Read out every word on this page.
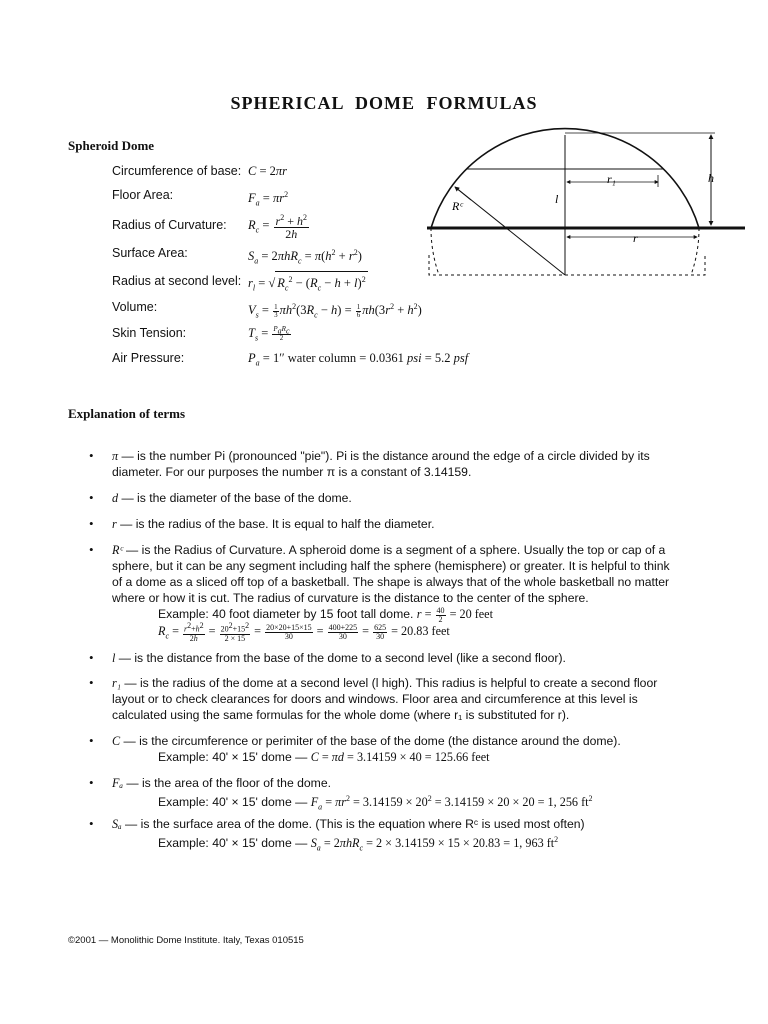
SPHERICAL DOME FORMULAS
Spheroid Dome
Circumference of base: C = 2πr
Floor Area:	$F_a = \pi r^2$
Radius of Curvature: $R_c = \frac{r^2 + h^2}{2h}$
Surface Area:	$S_a = 2\pi hR_c = \pi(h^2 + r^2)$
Radius at second level: $r_l$ = √ $R_c^2 - (R_c - h + l)^2$
Volume:	$V_s = \frac{1}{3} \pi h^2(3R_c - h) = \frac{1}{6} \pi h(3r^2 + h^2)$
Skin Tension:	$T_s = \frac{P_aR_c}{2}$
Air Pressure:	$P_a = 1''$ water column = 0.0361 psi = 5.2 psf
h
r₁
l
r
Rᶜ
Explanation of terms
• π — is the number Pi (pronounced "pie"). Pi is the distance around the edge of a circle divided by its diameter. For our purposes the number π is a constant of 3.14159.
• d — is the diameter of the base of the dome.
• r — is the radius of the base. It is equal to half the diameter.
• Rᶜ — is the Radius of Curvature. A spheroid dome is a segment of a sphere. Usually the top or cap of a sphere, but it can be any segment including half the sphere (hemisphere) or greater. It is helpful to think of a dome as a sliced off top of a basketball. The shape is always that of the whole basketball no matter where or how it is cut. The radius of curvature is the distance to the center of the sphere.
Example: 40 foot diameter by 15 foot tall dome. $r = \frac{40}{2} = 20$ feet
$R_c = \frac{r^2+h^2}{2h} = \frac{20^2+15^2}{2 \times 15} = \frac{20\times 20+15\times 15}{30} = \frac{400+225}{30} = \frac{625}{30} = 20.83$ feet
• l — is the distance from the base of the dome to a second level (like a second floor).
• r₁ — is the radius of the dome at a second level (l high). This radius is helpful to create a second floor layout or to check clearances for doors and windows. Floor area and circumference at this level is calculated using the same formulas for the whole dome (where r₁ is substituted for r).
• C — is the circumference or perimiter of the base of the dome (the distance around the dome).
Example: 40' × 15' dome — C = πd = 3.14159 × 40 = 125.66 feet
• Fₐ — is the area of the floor of the dome.
Example: 40' × 15' dome — $F_a = \pi r^2 = 3.14159 \times 20^2 = 3.14159 \times 20 \times 20 = 1$, 256 $ft^2$
• Sₐ — is the surface area of the dome. (This is the equation where Rᶜ is used most often)
Example: 40' × 15' dome — $S_a = 2\pi hR_c = 2 \times 3.14159 \times 15 \times 20.83 = 1$, 963 $ft^2$
©2001 — Monolithic Dome Institute. Italy, Texas 010515
